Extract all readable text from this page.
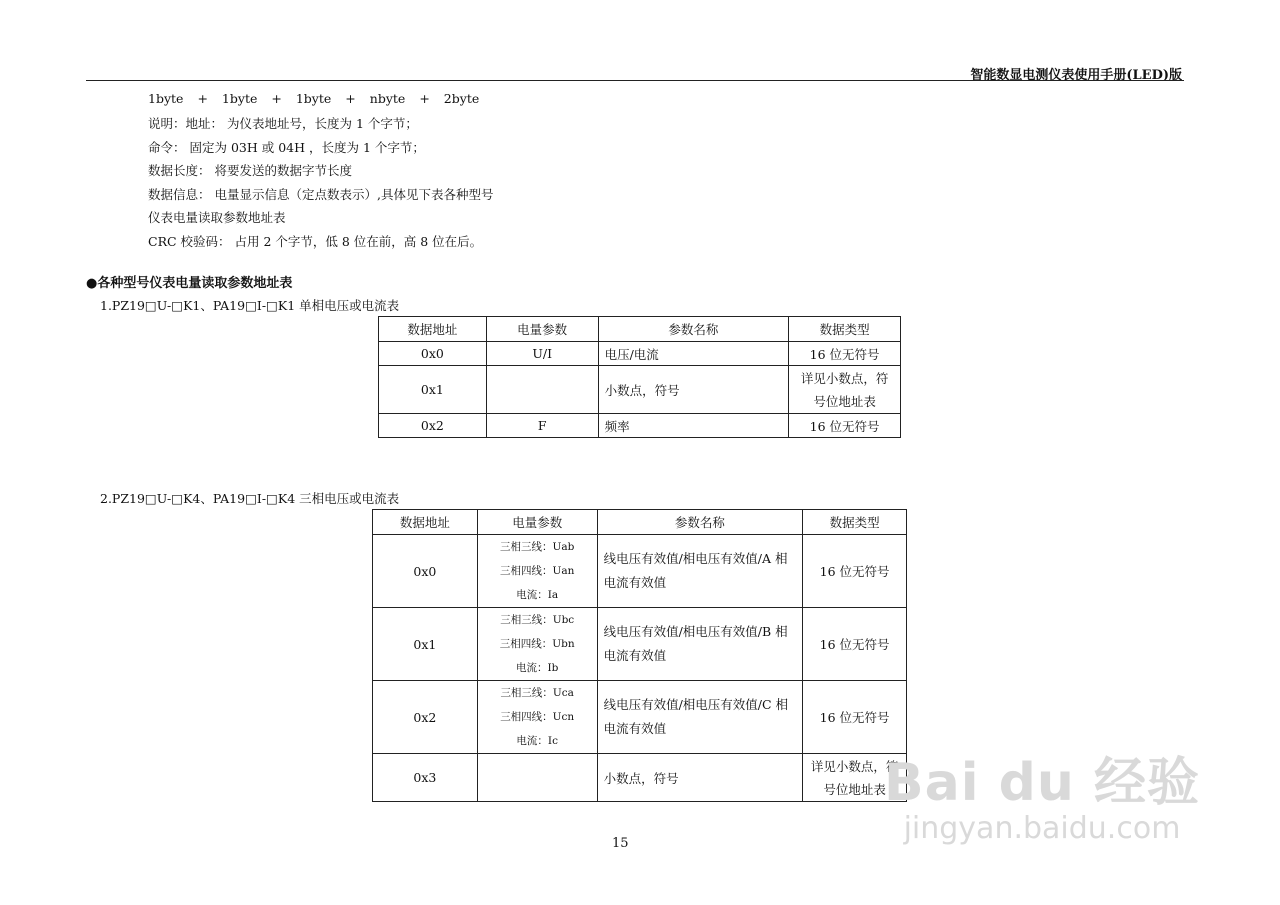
智能数显电测仪表使用手册(LED)版
1byte + 1byte + 1byte + nbyte + 2byte
说明：地址： 为仪表地址号，长度为 1 个字节；
命令： 固定为 03H 或 04H ，长度为 1 个字节；
数据长度： 将要发送的数据字节长度
数据信息： 电量显示信息（定点数表示）,具体见下表各种型号
仪表电量读取参数地址表
CRC 校验码： 占用 2 个字节，低 8 位在前，高 8 位在后。
●各种型号仪表电量读取参数地址表
1.PZ19□U-□K1、PA19□I-□K1 单相电压或电流表
数据地址	电量参数	参数名称	数据类型
0x0	U/I	电压/电流	16 位无符号
0x1		小数点，符号	详见小数点，符号位地址表
0x2	F	频率	16 位无符号
2.PZ19□U-□K4、PA19□I-□K4 三相电压或电流表
数据地址	电量参数	参数名称	数据类型
0x0	三相三线：Uab
三相四线：Uan
电流：Ia	线电压有效值/相电压有效值/A 相电流有效值	16 位无符号
0x1	三相三线：Ubc
三相四线：Ubn
电流：Ib	线电压有效值/相电压有效值/B 相电流有效值	16 位无符号
0x2	三相三线：Uca
三相四线：Ucn
电流：Ic	线电压有效值/相电压有效值/C 相电流有效值	16 位无符号
0x3		小数点，符号	详见小数点，符号位地址表
15
Bai du 经验
jingyan.baidu.com
